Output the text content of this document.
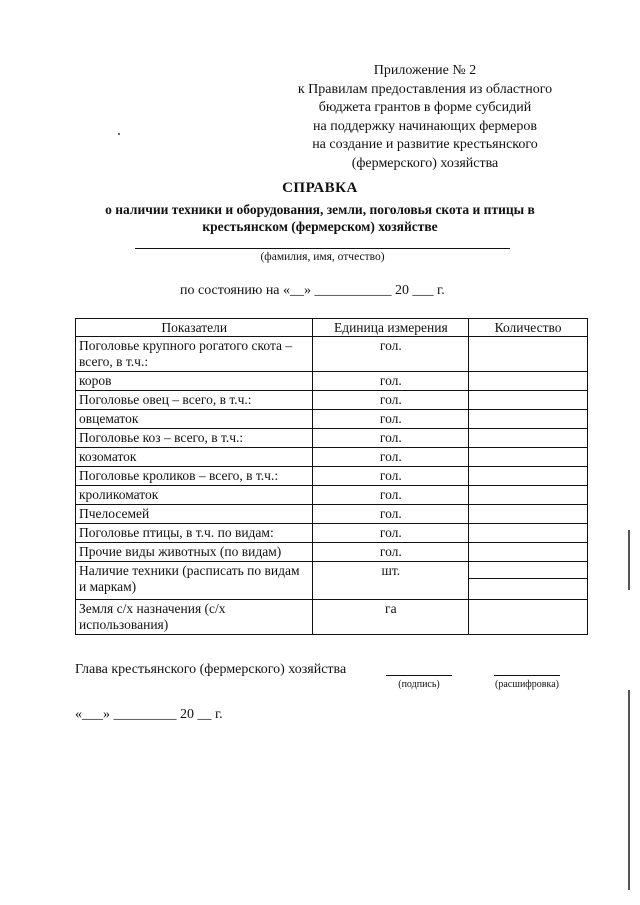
Приложение № 2
к Правилам предоставления из областного
бюджета грантов в форме субсидий
на поддержку начинающих фермеров
на создание и развитие крестьянского
(фермерского) хозяйства
СПРАВКА
о наличии техники и оборудования, земли, поголовья скота и птицы в
крестьянском (фермерском) хозяйстве
(фамилия, имя, отчество)
по состоянию на «__» ___________ 20 ___ г.
Показатели	Единица измерения	Количество
Поголовье крупного рогатого скота – всего, в т.ч.:	гол.	
коров	гол.	
Поголовье овец – всего, в т.ч.:	гол.	
овцематок	гол.	
Поголовье коз – всего, в т.ч.:	гол.	
козоматок	гол.	
Поголовье кроликов – всего, в т.ч.:	гол.	
кроликоматок	гол.	
Пчелосемей	гол.	
Поголовье птицы, в т.ч. по видам:	гол.	
Прочие виды животных (по видам)	гол.	
Наличие техники (расписать по видам и маркам)	шт.	

Земля с/х назначения (с/х использования)	га	
Глава крестьянского (фермерского) хозяйства
(подпись)	(расшифровка)
«___» _________ 20 __ г.
